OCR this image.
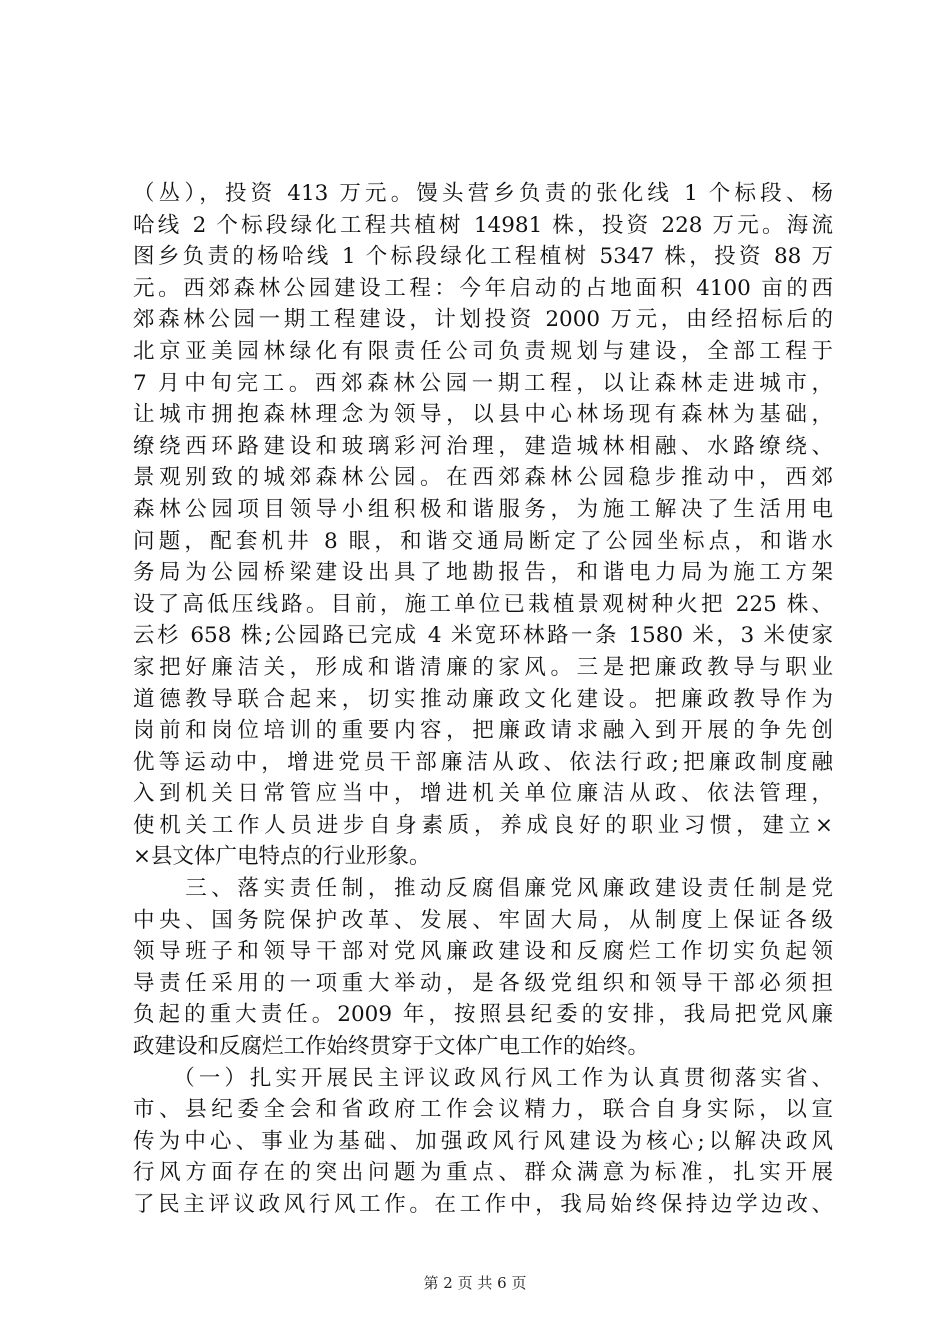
（丛），投资 413 万元。馒头营乡负责的张化线 1 个标段、杨
哈线 2 个标段绿化工程共植树 14981 株，投资 228 万元。海流
图乡负责的杨哈线 1 个标段绿化工程植树 5347 株，投资 88 万
元。西郊森林公园建设工程：今年启动的占地面积 4100 亩的西
郊森林公园一期工程建设，计划投资 2000 万元，由经招标后的
北京亚美园林绿化有限责任公司负责规划与建设，全部工程于
7 月中旬完工。西郊森林公园一期工程，以让森林走进城市，
让城市拥抱森林理念为领导，以县中心林场现有森林为基础，
缭绕西环路建设和玻璃彩河治理，建造城林相融、水路缭绕、
景观别致的城郊森林公园。在西郊森林公园稳步推动中，西郊
森林公园项目领导小组积极和谐服务，为施工解决了生活用电
问题，配套机井 8 眼，和谐交通局断定了公园坐标点，和谐水
务局为公园桥梁建设出具了地勘报告，和谐电力局为施工方架
设了高低压线路。目前，施工单位已栽植景观树种火把 225 株、
云杉 658 株;公园路已完成 4 米宽环林路一条 1580 米，3 米使家
家把好廉洁关，形成和谐清廉的家风。三是把廉政教导与职业
道德教导联合起来，切实推动廉政文化建设。把廉政教导作为
岗前和岗位培训的重要内容，把廉政请求融入到开展的争先创
优等运动中，增进党员干部廉洁从政、依法行政;把廉政制度融
入到机关日常管应当中，增进机关单位廉洁从政、依法管理，
使机关工作人员进步自身素质，养成良好的职业习惯，建立×
×县文体广电特点的行业形象。
　　三、落实责任制，推动反腐倡廉党风廉政建设责任制是党
中央、国务院保护改革、发展、牢固大局，从制度上保证各级
领导班子和领导干部对党风廉政建设和反腐烂工作切实负起领
导责任采用的一项重大举动，是各级党组织和领导干部必须担
负起的重大责任。2009 年，按照县纪委的安排，我局把党风廉
政建设和反腐烂工作始终贯穿于文体广电工作的始终。
　　（一）扎实开展民主评议政风行风工作为认真贯彻落实省、
市、县纪委全会和省政府工作会议精力，联合自身实际，以宣
传为中心、事业为基础、加强政风行风建设为核心;以解决政风
行风方面存在的突出问题为重点、群众满意为标准，扎实开展
了民主评议政风行风工作。在工作中，我局始终保持边学边改、
第 2 页 共 6 页
